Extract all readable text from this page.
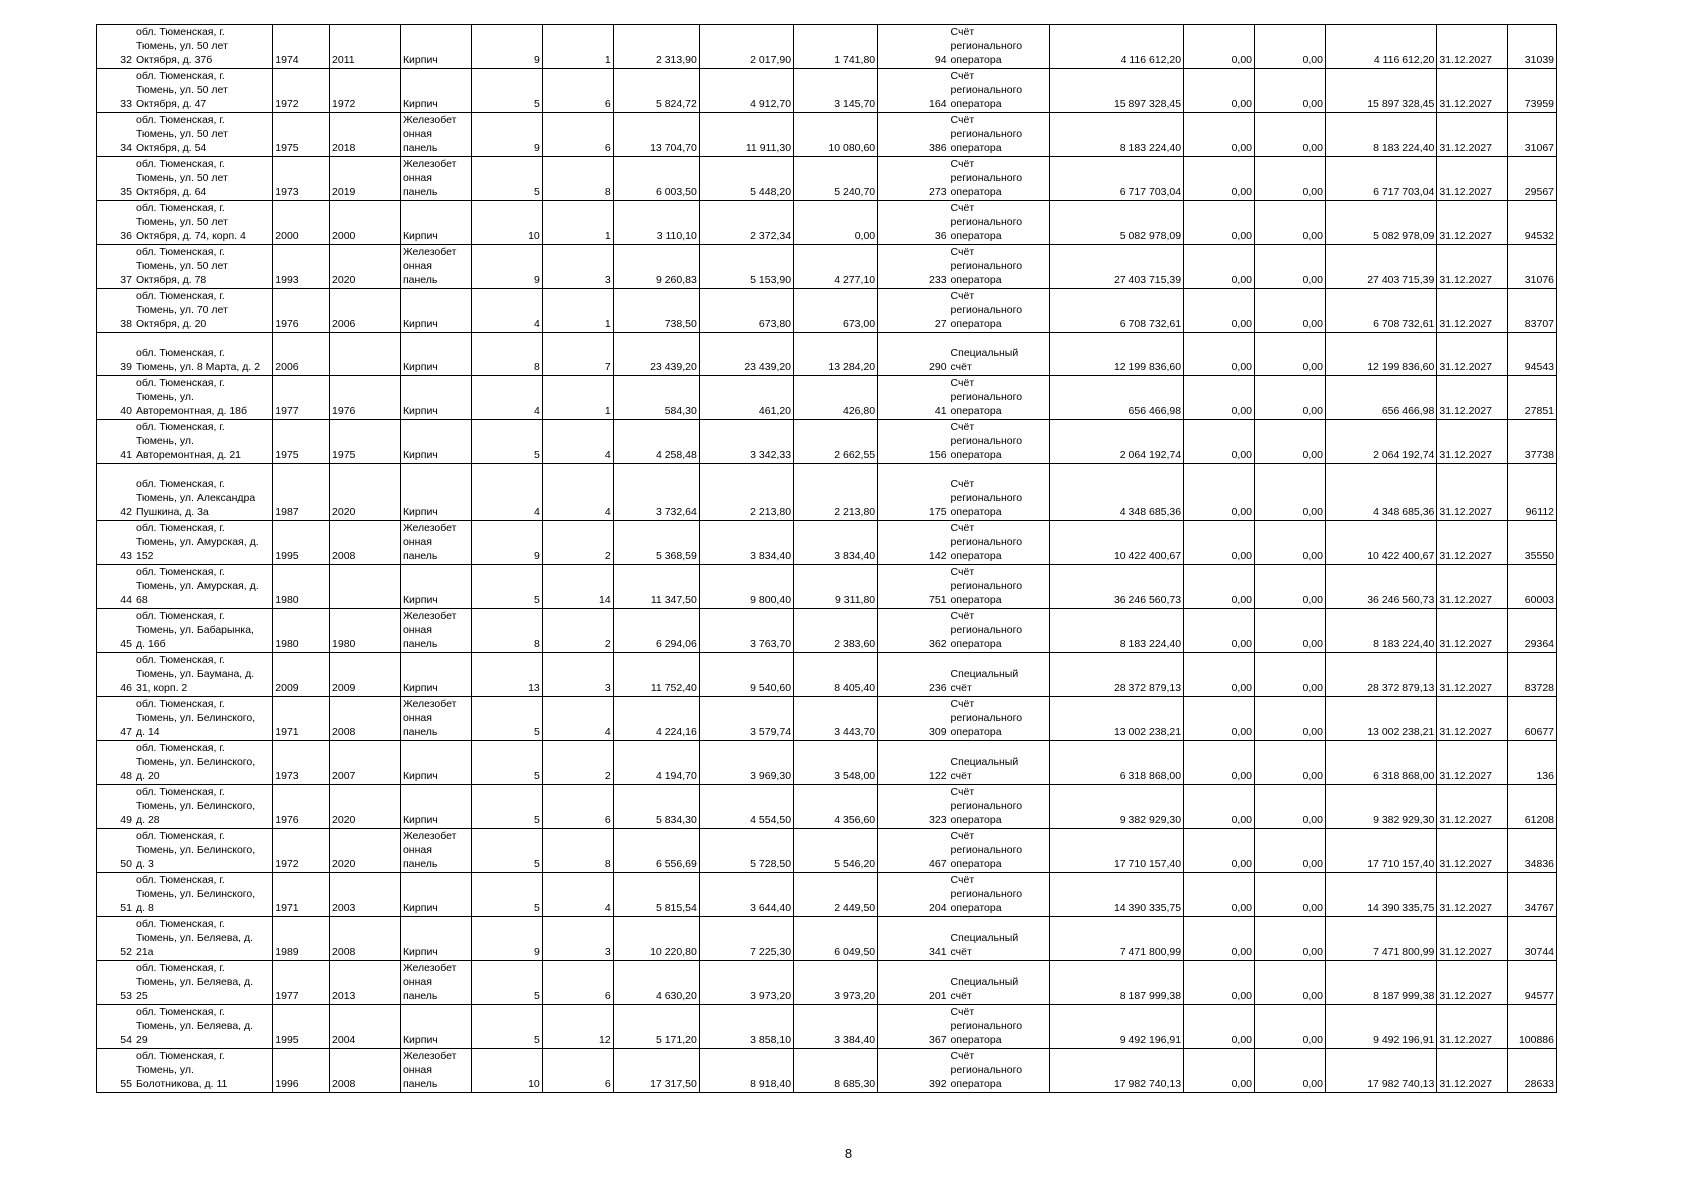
32	обл. Тюменская, г.
Тюмень, ул. 50 лет
Октября, д. 37б	1974	2011	Кирпич	9	1	2 313,90	2 017,90	1 741,80	94	Счёт
регионального
оператора	4 116 612,20	0,00	0,00	4 116 612,20	31.12.2027	31039
33	обл. Тюменская, г.
Тюмень, ул. 50 лет
Октября, д. 47	1972	1972	Кирпич	5	6	5 824,72	4 912,70	3 145,70	164	Счёт
регионального
оператора	15 897 328,45	0,00	0,00	15 897 328,45	31.12.2027	73959
34	обл. Тюменская, г.
Тюмень, ул. 50 лет
Октября, д. 54	1975	2018	Железобет
онная
панель	9	6	13 704,70	11 911,30	10 080,60	386	Счёт
регионального
оператора	8 183 224,40	0,00	0,00	8 183 224,40	31.12.2027	31067
35	обл. Тюменская, г.
Тюмень, ул. 50 лет
Октября, д. 64	1973	2019	Железобет
онная
панель	5	8	6 003,50	5 448,20	5 240,70	273	Счёт
регионального
оператора	6 717 703,04	0,00	0,00	6 717 703,04	31.12.2027	29567
36	обл. Тюменская, г.
Тюмень, ул. 50 лет
Октября, д. 74, корп. 4	2000	2000	Кирпич	10	1	3 110,10	2 372,34	0,00	36	Счёт
регионального
оператора	5 082 978,09	0,00	0,00	5 082 978,09	31.12.2027	94532
37	обл. Тюменская, г.
Тюмень, ул. 50 лет
Октября, д. 78	1993	2020	Железобет
онная
панель	9	3	9 260,83	5 153,90	4 277,10	233	Счёт
регионального
оператора	27 403 715,39	0,00	0,00	27 403 715,39	31.12.2027	31076
38	обл. Тюменская, г.
Тюмень, ул. 70 лет
Октября, д. 20	1976	2006	Кирпич	4	1	738,50	673,80	673,00	27	Счёт
регионального
оператора	6 708 732,61	0,00	0,00	6 708 732,61	31.12.2027	83707
39	обл. Тюменская, г.
Тюмень, ул. 8 Марта, д. 2	2006		Кирпич	8	7	23 439,20	23 439,20	13 284,20	290	Специальный
счёт	12 199 836,60	0,00	0,00	12 199 836,60	31.12.2027	94543
40	обл. Тюменская, г.
Тюмень, ул.
Авторемонтная, д. 18б	1977	1976	Кирпич	4	1	584,30	461,20	426,80	41	Счёт
регионального
оператора	656 466,98	0,00	0,00	656 466,98	31.12.2027	27851
41	обл. Тюменская, г.
Тюмень, ул.
Авторемонтная, д. 21	1975	1975	Кирпич	5	4	4 258,48	3 342,33	2 662,55	156	Счёт
регионального
оператора	2 064 192,74	0,00	0,00	2 064 192,74	31.12.2027	37738
42	обл. Тюменская, г.
Тюмень, ул. Александра
Пушкина, д. 3а	1987	2020	Кирпич	4	4	3 732,64	2 213,80	2 213,80	175	Счёт
регионального
оператора	4 348 685,36	0,00	0,00	4 348 685,36	31.12.2027	96112
43	обл. Тюменская, г.
Тюмень, ул. Амурская, д.
152	1995	2008	Железобет
онная
панель	9	2	5 368,59	3 834,40	3 834,40	142	Счёт
регионального
оператора	10 422 400,67	0,00	0,00	10 422 400,67	31.12.2027	35550
44	обл. Тюменская, г.
Тюмень, ул. Амурская, д.
68	1980		Кирпич	5	14	11 347,50	9 800,40	9 311,80	751	Счёт
регионального
оператора	36 246 560,73	0,00	0,00	36 246 560,73	31.12.2027	60003
45	обл. Тюменская, г.
Тюмень, ул. Бабарынка,
д. 16б	1980	1980	Железобет
онная
панель	8	2	6 294,06	3 763,70	2 383,60	362	Счёт
регионального
оператора	8 183 224,40	0,00	0,00	8 183 224,40	31.12.2027	29364
46	обл. Тюменская, г.
Тюмень, ул. Баумана, д.
31, корп. 2	2009	2009	Кирпич	13	3	11 752,40	9 540,60	8 405,40	236	Специальный
счёт	28 372 879,13	0,00	0,00	28 372 879,13	31.12.2027	83728
47	обл. Тюменская, г.
Тюмень, ул. Белинского,
д. 14	1971	2008	Железобет
онная
панель	5	4	4 224,16	3 579,74	3 443,70	309	Счёт
регионального
оператора	13 002 238,21	0,00	0,00	13 002 238,21	31.12.2027	60677
48	обл. Тюменская, г.
Тюмень, ул. Белинского,
д. 20	1973	2007	Кирпич	5	2	4 194,70	3 969,30	3 548,00	122	Специальный
счёт	6 318 868,00	0,00	0,00	6 318 868,00	31.12.2027	136
49	обл. Тюменская, г.
Тюмень, ул. Белинского,
д. 28	1976	2020	Кирпич	5	6	5 834,30	4 554,50	4 356,60	323	Счёт
регионального
оператора	9 382 929,30	0,00	0,00	9 382 929,30	31.12.2027	61208
50	обл. Тюменская, г.
Тюмень, ул. Белинского,
д. 3	1972	2020	Железобет
онная
панель	5	8	6 556,69	5 728,50	5 546,20	467	Счёт
регионального
оператора	17 710 157,40	0,00	0,00	17 710 157,40	31.12.2027	34836
51	обл. Тюменская, г.
Тюмень, ул. Белинского,
д. 8	1971	2003	Кирпич	5	4	5 815,54	3 644,40	2 449,50	204	Счёт
регионального
оператора	14 390 335,75	0,00	0,00	14 390 335,75	31.12.2027	34767
52	обл. Тюменская, г.
Тюмень, ул. Беляева, д.
21а	1989	2008	Кирпич	9	3	10 220,80	7 225,30	6 049,50	341	Специальный
счёт	7 471 800,99	0,00	0,00	7 471 800,99	31.12.2027	30744
53	обл. Тюменская, г.
Тюмень, ул. Беляева, д.
25	1977	2013	Железобет
онная
панель	5	6	4 630,20	3 973,20	3 973,20	201	Специальный
счёт	8 187 999,38	0,00	0,00	8 187 999,38	31.12.2027	94577
54	обл. Тюменская, г.
Тюмень, ул. Беляева, д.
29	1995	2004	Кирпич	5	12	5 171,20	3 858,10	3 384,40	367	Счёт
регионального
оператора	9 492 196,91	0,00	0,00	9 492 196,91	31.12.2027	100886
55	обл. Тюменская, г.
Тюмень, ул.
Болотникова, д. 11	1996	2008	Железобет
онная
панель	10	6	17 317,50	8 918,40	8 685,30	392	Счёт
регионального
оператора	17 982 740,13	0,00	0,00	17 982 740,13	31.12.2027	28633
8
